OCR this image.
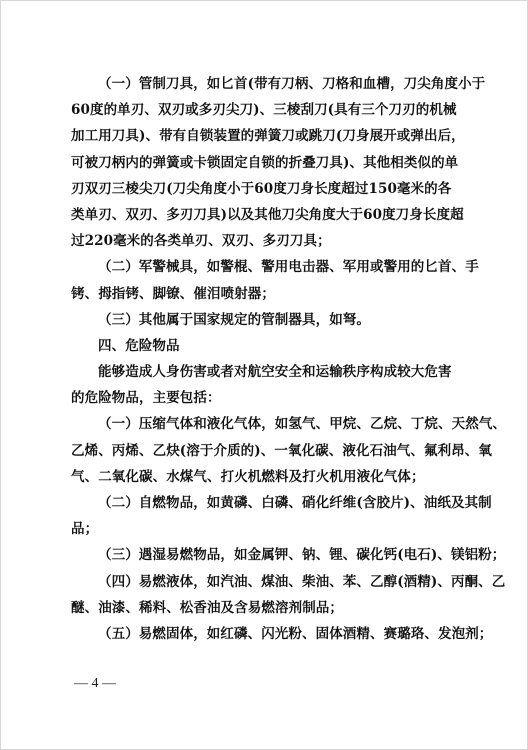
（一）管制刀具，如匕首(带有刀柄、刀格和血槽，刀尖角度小于
60度的单刃、双刃或多刃尖刀)、三棱刮刀(具有三个刀刃的机械
加工用刀具)、带有自锁装置的弹簧刀或跳刀(刀身展开或弹出后，
可被刀柄内的弹簧或卡锁固定自锁的折叠刀具)、其他相类似的单
刃双刃三棱尖刀(刀尖角度小于60度刀身长度超过150毫米的各
类单刃、双刃、多刃刀具)以及其他刀尖角度大于60度刀身长度超
过220毫米的各类单刃、双刃、多刃刀具；
（二）军警械具，如警棍、警用电击器、军用或警用的匕首、手
铐、拇指铐、脚镣、催泪喷射器；
（三）其他属于国家规定的管制器具，如弩。
四、危险物品
能够造成人身伤害或者对航空安全和运输秩序构成较大危害
的危险物品，主要包括：
（一）压缩气体和液化气体，如氢气、甲烷、乙烷、丁烷、天然气、
乙烯、丙烯、乙炔(溶于介质的)、一氧化碳、液化石油气、氟利昂、氧
气、二氧化碳、水煤气、打火机燃料及打火机用液化气体；
（二）自燃物品，如黄磷、白磷、硝化纤维(含胶片)、油纸及其制
品；
（三）遇湿易燃物品，如金属钾、钠、锂、碳化钙(电石)、镁铝粉；
（四）易燃液体，如汽油、煤油、柴油、苯、乙醇(酒精)、丙酮、乙
醚、油漆、稀料、松香油及含易燃溶剂制品；
（五）易燃固体，如红磷、闪光粉、固体酒精、赛璐珞、发泡剂；
— 4 —
